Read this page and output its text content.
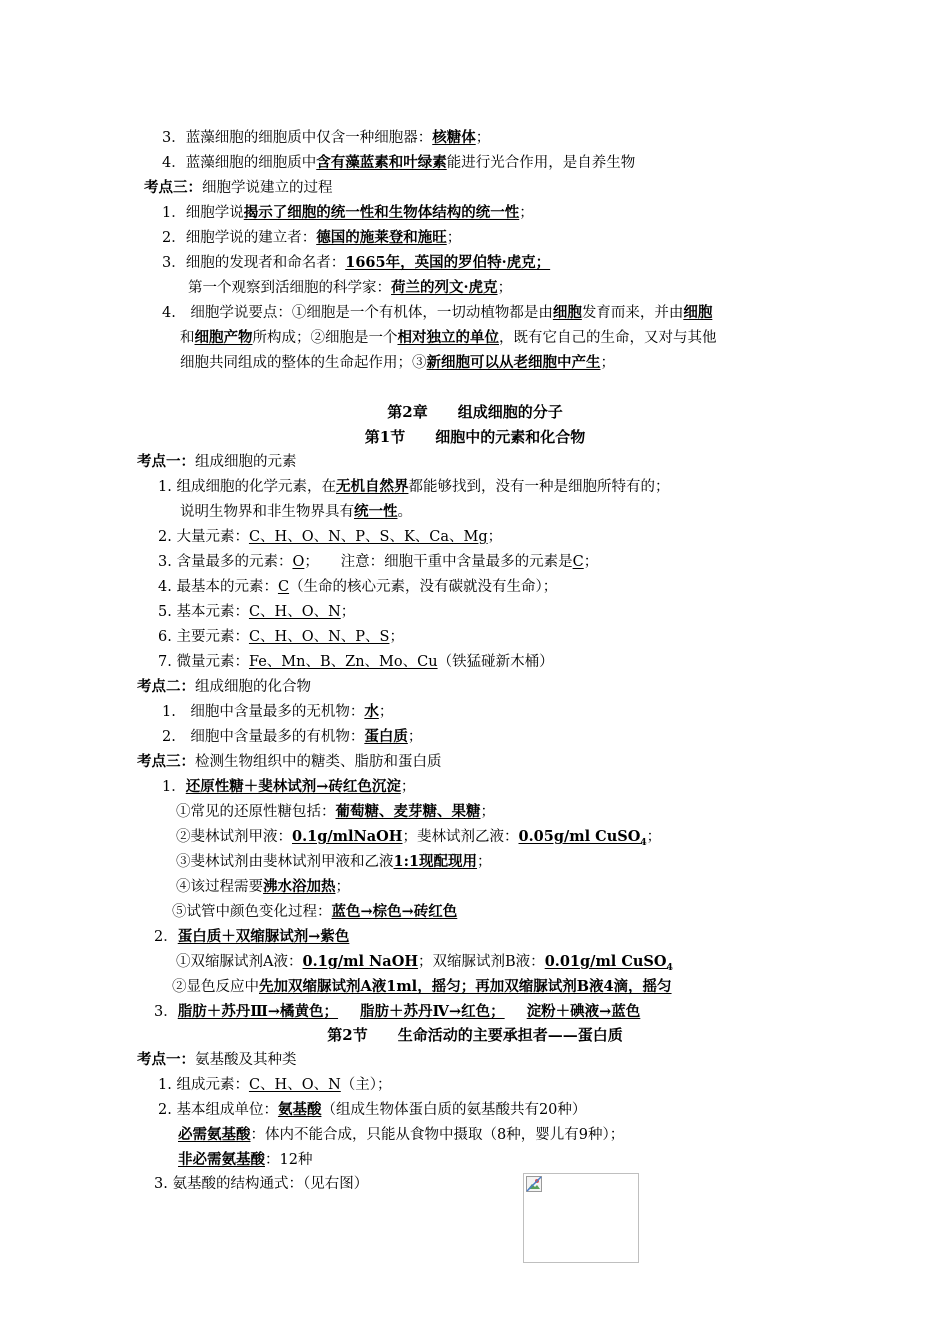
3．蓝藻细胞的细胞质中仅含一种细胞器：核糖体；
4．蓝藻细胞的细胞质中含有藻蓝素和叶绿素能进行光合作用，是自养生物
考点三：细胞学说建立的过程
1．细胞学说揭示了细胞的统一性和生物体结构的统一性；
2．细胞学说的建立者：德国的施莱登和施旺；
3．细胞的发现者和命名者：1665年，英国的罗伯特·虎克；
第一个观察到活细胞的科学家：荷兰的列文·虎克；
4.　细胞学说要点：①细胞是一个有机体，一切动植物都是由细胞发育而来，并由细胞
和细胞产物所构成；②细胞是一个相对独立的单位，既有它自己的生命，又对与其他
细胞共同组成的整体的生命起作用；③新细胞可以从老细胞中产生；
第2章　　组成细胞的分子
第1节　　细胞中的元素和化合物
考点一：组成细胞的元素
1. 组成细胞的化学元素，在无机自然界都能够找到，没有一种是细胞所特有的；
说明生物界和非生物界具有统一性。
2. 大量元素：C、H、O、N、P、S、K、Ca、Mg；
3. 含量最多的元素：O；　　注意：细胞干重中含量最多的元素是C；
4. 最基本的元素：C（生命的核心元素，没有碳就没有生命）；
5. 基本元素：C、H、O、N；
6. 主要元素：C、H、O、N、P、S；
7. 微量元素：Fe、Mn、B、Zn、Mo、Cu（铁猛碰新木桶）
考点二：组成细胞的化合物
1.　细胞中含量最多的无机物：水；
2.　细胞中含量最多的有机物：蛋白质；
考点三：检测生物组织中的糖类、脂肪和蛋白质
1．还原性糖＋斐林试剂→砖红色沉淀；
①常见的还原性糖包括：葡萄糖、麦芽糖、果糖；
②斐林试剂甲液：0.1g/mlNaOH；斐林试剂乙液：0.05g/ml CuSO$_4$；
③斐林试剂由斐林试剂甲液和乙液1:1现配现用；
④该过程需要沸水浴加热；
⑤试管中颜色变化过程：蓝色→棕色→砖红色
2．蛋白质＋双缩脲试剂→紫色
①双缩脲试剂A液：0.1g/ml NaOH；双缩脲试剂B液：0.01g/ml CuSO$_4$
②显色反应中先加双缩脲试剂A液1ml，摇匀；再加双缩脲试剂B液4滴，摇匀
3．脂肪＋苏丹Ⅲ→橘黄色； 脂肪＋苏丹Ⅳ→红色； 淀粉＋碘液→蓝色
第2节　　生命活动的主要承担者——蛋白质
考点一：氨基酸及其种类
1. 组成元素：C、H、O、N（主）；
2. 基本组成单位：氨基酸（组成生物体蛋白质的氨基酸共有20种）
必需氨基酸：体内不能合成，只能从食物中摄取（8种，婴儿有9种）；
非必需氨基酸：12种
3. 氨基酸的结构通式：（见右图）
